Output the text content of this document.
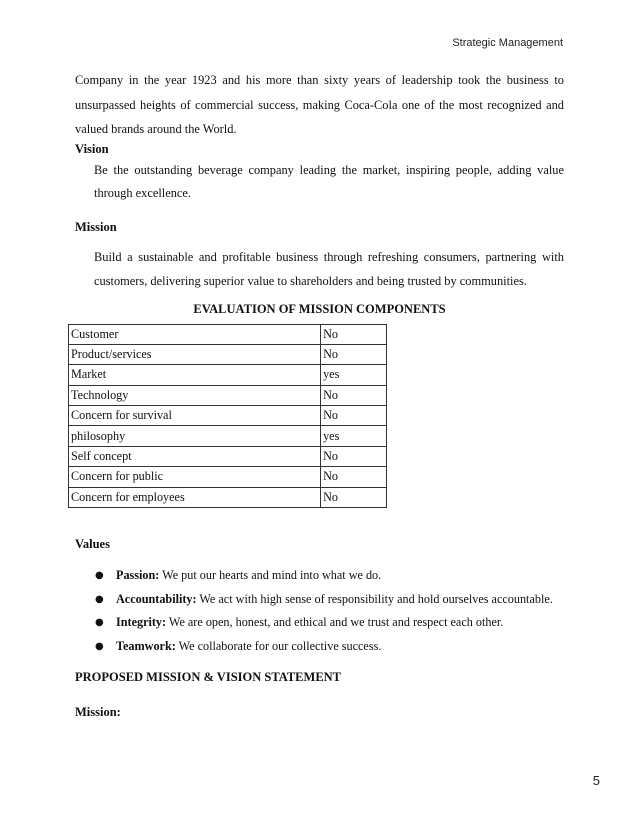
Strategic Management

Company in the year 1923 and his more than sixty years of leadership took the business to unsurpassed heights of commercial success, making Coca-Cola one of the most recognized and valued brands around the World.

Vision

Be the outstanding beverage company leading the market, inspiring people, adding value through excellence.

Mission

Build a sustainable and profitable business through refreshing consumers, partnering with customers, delivering superior value to shareholders and being trusted by communities.

EVALUATION OF MISSION COMPONENTS

Customer	No
Product/services	No
Market	yes
Technology	No
Concern for survival	No
philosophy	yes
Self concept	No
Concern for public	No
Concern for employees	No

Values

● Passion: We put our hearts and mind into what we do.
● Accountability: We act with high sense of responsibility and hold ourselves accountable.
● Integrity: We are open, honest, and ethical and we trust and respect each other.
● Teamwork: We collaborate for our collective success.

PROPOSED MISSION & VISION STATEMENT

Mission:

5
